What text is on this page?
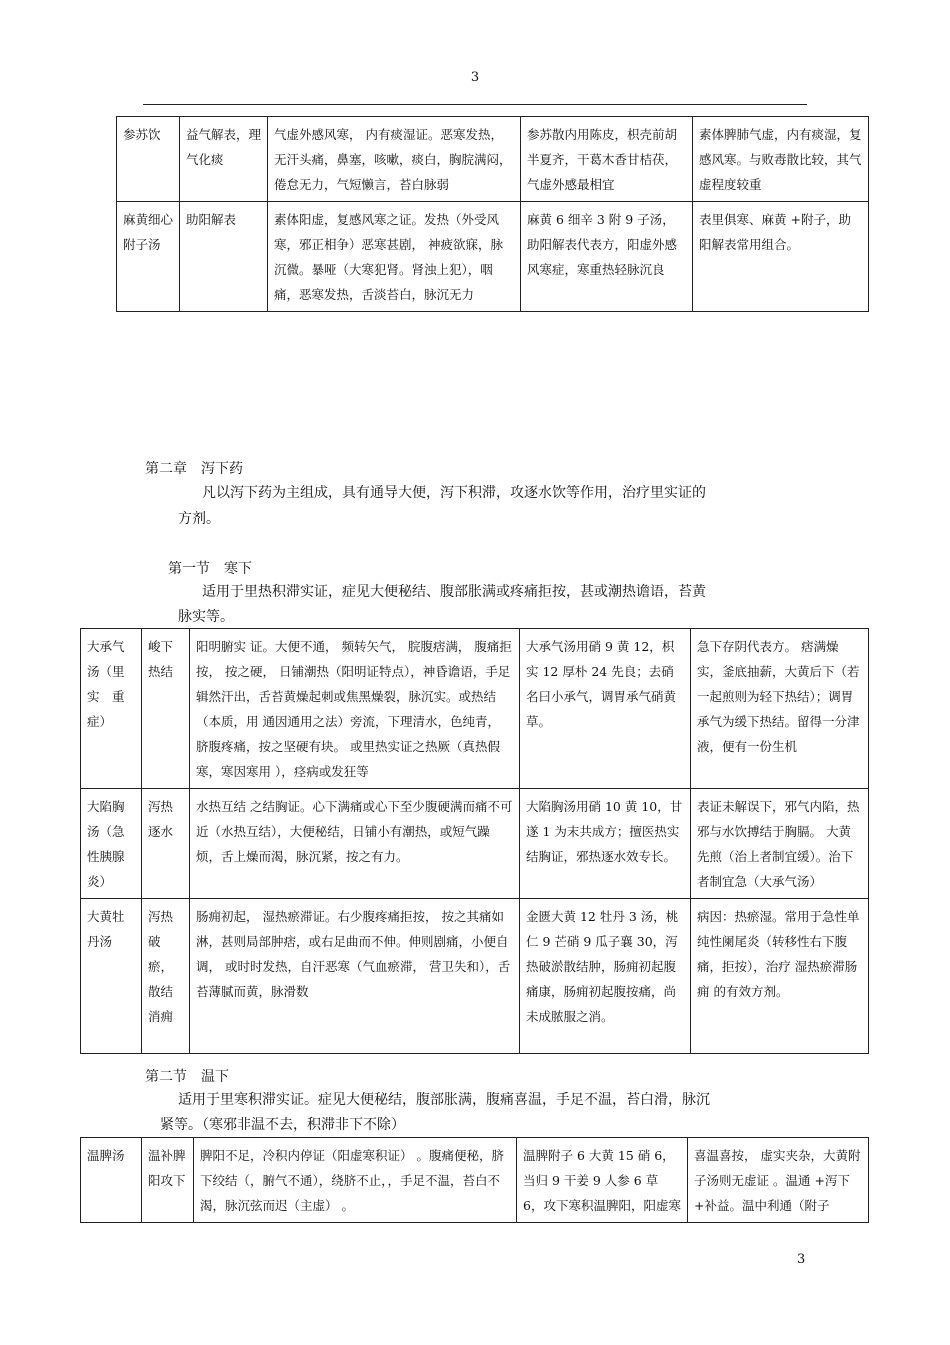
3
参苏饮	益气解表，理气化痰	气虚外感风寒， 内有痰湿证。恶寒发热，无汗头痛，鼻塞，咳嗽，痰白，胸脘满闷，倦怠无力，气短懒言，苔白脉弱	参苏散内用陈皮，枳壳前胡半夏齐，干葛木香甘桔茯，气虚外感最相宜	素体脾肺气虚，内有痰湿，复感风寒。与败毒散比较，其气虚程度较重
麻黄细心附子汤	助阳解表	素体阳虚，复感风寒之证。发热（外受风寒，邪正相争）恶寒甚剧， 神疲欲寐，脉沉微。暴哑（大寒犯肾。肾浊上犯），咽痛，恶寒发热，舌淡苔白，脉沉无力	麻黄 6 细辛 3 附 9 子汤，助阳解表代表方，阳虚外感风寒症，寒重热轻脉沉良	表里俱寒、麻黄 +附子，助阳解表常用组合。
第二章　泻下药
凡以泻下药为主组成，具有通导大便，泻下积滞，攻逐水饮等作用，治疗里实证的
方剂。
第一节　寒下
适用于里热积滞实证，症见大便秘结、腹部胀满或疼痛拒按，甚或潮热谵语，苔黄
脉实等。
大承气汤（里　实　重症）	峻下热结	阳明腑实 证。大便不通， 频转矢气， 脘腹痞满， 腹痛拒按， 按之硬， 日铺潮热（阳明证特点），神昏谵语，手足辑然汗出，舌苔黄燥起刺或焦黑燥裂，脉沉实。或热结（本质，用 通因通用之法）旁流，下理清水，色纯青， 脐腹疼痛，按之坚硬有块。 或里热实证之热厥（真热假寒，寒因寒用 ），痉病或发狂等	大承气汤用硝 9 黄 12，枳实 12 厚朴 24 先良；去硝名曰小承气，调胃承气硝黄草。	急下存阴代表方。 痞满燥实，釜底抽薪，大黄后下（若一起煎则为轻下热结）；调胃承气为缓下热结。留得一分津液，便有一份生机
大陷胸汤（急性胰腺炎）	泻热逐水	水热互结 之结胸证。心下满痛或心下至少腹硬满而痛不可近（水热互结），大便秘结，日铺小有潮热，或短气躁烦，舌上燥而渴，脉沉紧，按之有力。	大陷胸汤用硝 10 黄 10，甘遂 1 为末共成方；擅医热实结胸证，邪热逐水效专长。	表证未解误下，邪气内陷，热邪与水饮搏结于胸膈。 大黄先煎（治上者制宜缓）。治下者制宜急（大承气汤）
大黄牡丹汤	泻热破瘀，散结消痈	肠痈初起， 湿热瘀滞证。右少腹疼痛拒按， 按之其痛如淋，甚则局部肿痞，或右足曲而不伸。伸则剧痛，小便自调， 或时时发热，自汗恶寒（气血瘀滞， 营卫失和），舌苔薄腻而黄，脉滑数	金匮大黄 12 牡丹 3 汤，桃仁 9 芒硝 9 瓜子襄 30，泻热破淤散结肿，肠痈初起腹痛康，肠痈初起腹按痛，尚未成脓服之消。	病因：热瘀湿。常用于急性单纯性阑尾炎（转移性右下腹痛，拒按），治疗 湿热瘀滞肠痈 的有效方剂。
第二节　温下
适用于里寒积滞实证。症见大便秘结，腹部胀满，腹痛喜温，手足不温，苔白滑，脉沉
紧等。（寒邪非温不去，积滞非下不除）
温脾汤	温补脾阳攻下	脾阳不足，冷积内停证（阳虚寒积证） 。腹痛便秘，脐下绞结（，腑气不通），绕脐不止，，手足不温，苔白不渴，脉沉弦而迟（主虚） 。	温脾附子 6 大黄 15 硝 6，当归 9 干姜 9 人参 6 草 6，攻下寒积温脾阳，阳虚寒	喜温喜按， 虚实夹杂，大黄附子汤则无虚证 。温通 +泻下+补益。温中利通（附子
3
